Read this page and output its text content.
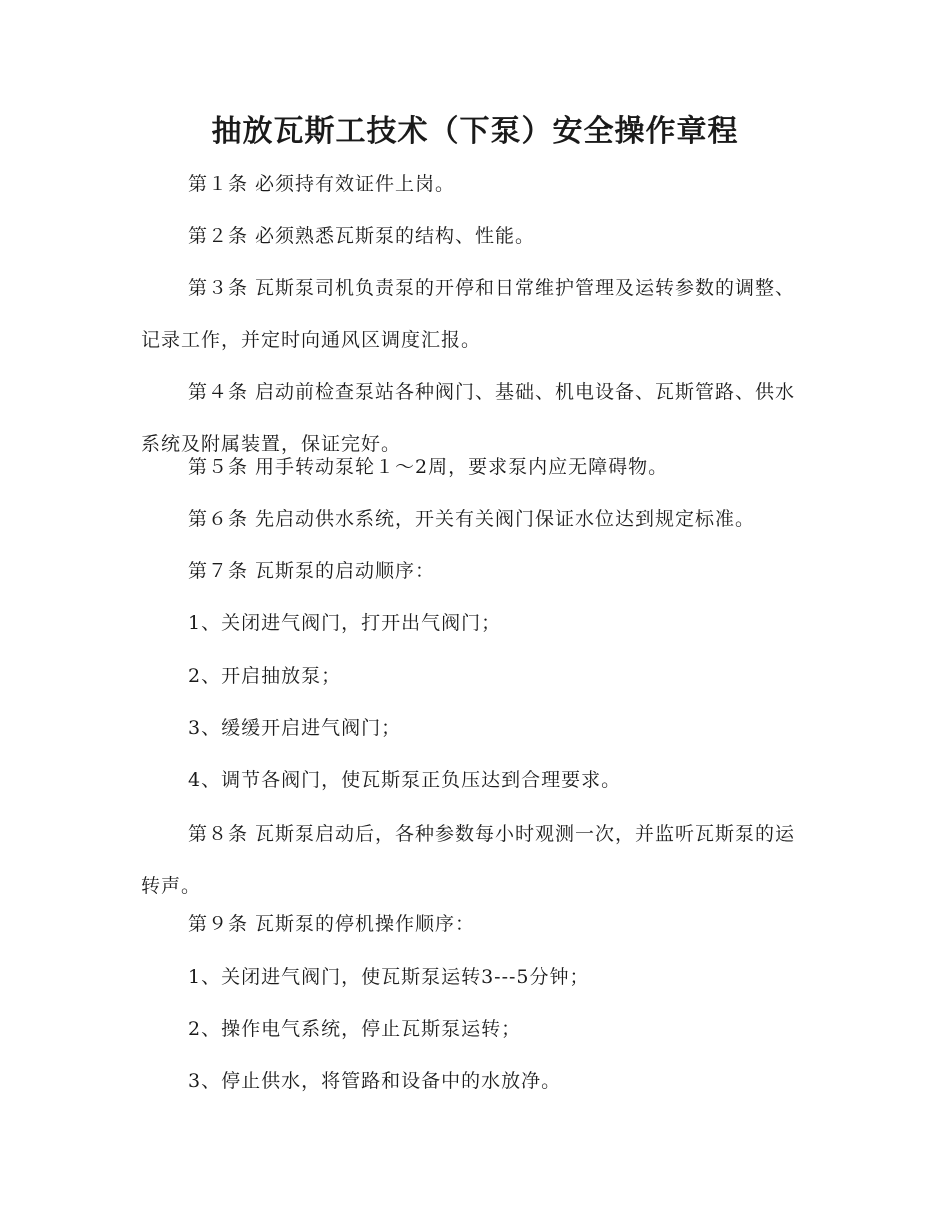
抽放瓦斯工技术（下泵）安全操作章程

第１条 必须持有效证件上岗。

第２条 必须熟悉瓦斯泵的结构、性能。

第３条 瓦斯泵司机负责泵的开停和日常维护管理及运转参数的调整、记录工作，并定时向通风区调度汇报。

第４条 启动前检查泵站各种阀门、基础、机电设备、瓦斯管路、供水系统及附属装置，保证完好。

第５条 用手转动泵轮１～2周，要求泵内应无障碍物。

第６条 先启动供水系统，开关有关阀门保证水位达到规定标准。

第７条 瓦斯泵的启动顺序：

1、关闭进气阀门，打开出气阀门；

2、开启抽放泵；

3、缓缓开启进气阀门；

4、调节各阀门，使瓦斯泵正负压达到合理要求。

第８条 瓦斯泵启动后，各种参数每小时观测一次，并监听瓦斯泵的运转声。

第９条 瓦斯泵的停机操作顺序：

1、关闭进气阀门，使瓦斯泵运转3---5分钟；

2、操作电气系统，停止瓦斯泵运转；

3、停止供水，将管路和设备中的水放净。
